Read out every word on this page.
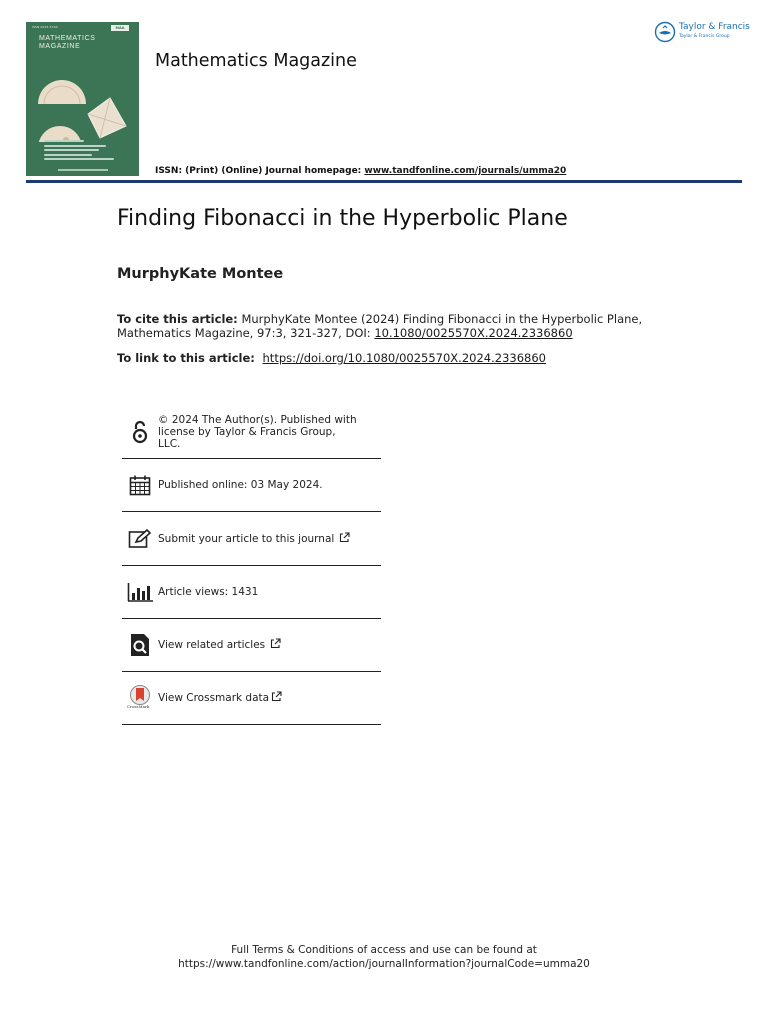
ISSN 0025-570X	MAA
MATHEMATICS
MAGAZINE
Mathematics Magazine
ISSN: (Print) (Online) Journal homepage: www.tandfonline.com/journals/umma20
Taylor & Francis
Taylor & Francis Group
Finding Fibonacci in the Hyperbolic Plane
MurphyKate Montee
To cite this article: MurphyKate Montee (2024) Finding Fibonacci in the Hyperbolic Plane, Mathematics Magazine, 97:3, 321-327, DOI: 10.1080/0025570X.2024.2336860
To link to this article: https://doi.org/10.1080/0025570X.2024.2336860
© 2024 The Author(s). Published with license by Taylor & Francis Group, LLC.
Published online: 03 May 2024.
Submit your article to this journal
Article views: 1431
View related articles
View Crossmark data
CrossMark
Full Terms & Conditions of access and use can be found at
https://www.tandfonline.com/action/journalInformation?journalCode=umma20
